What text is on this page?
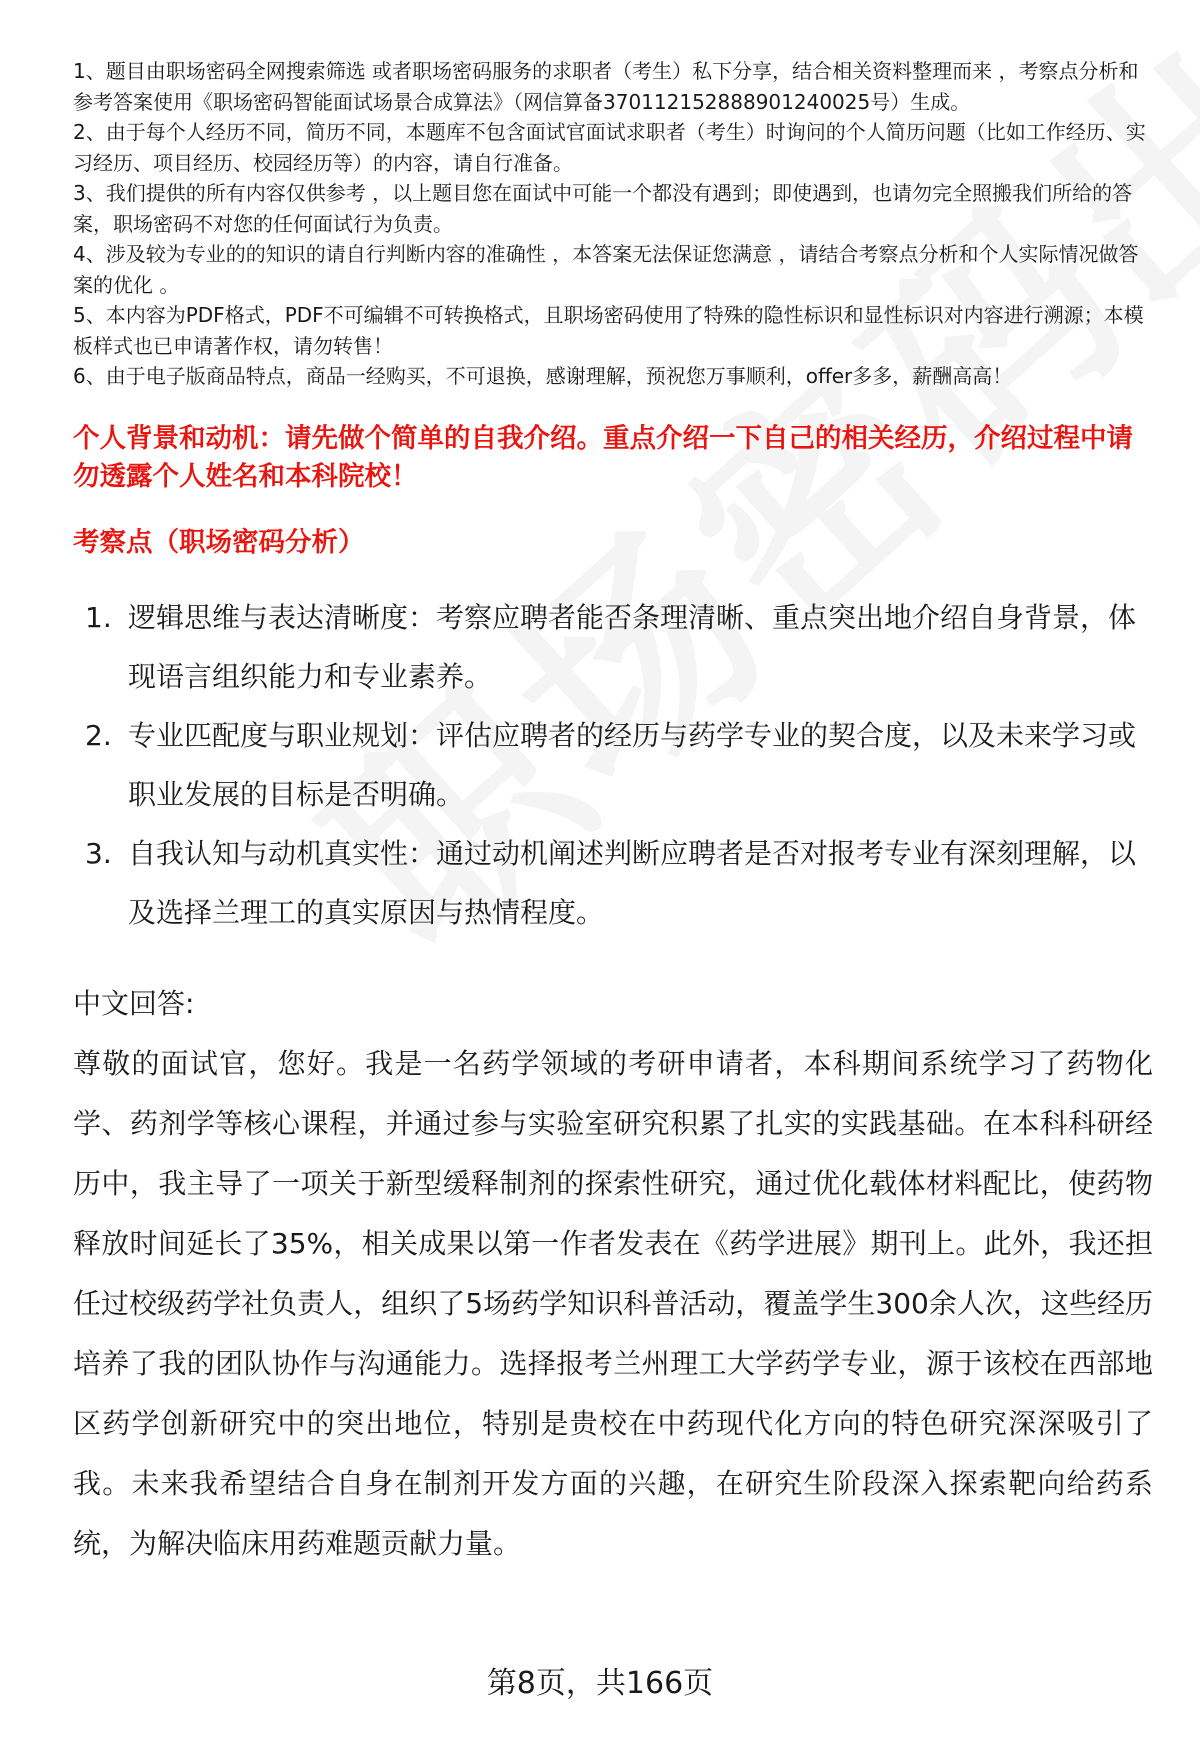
1、题目由职场密码全网搜索筛选 或者职场密码服务的求职者（考生）私下分享，结合相关资料整理而来 ，考察点分析和参考答案使用《职场密码智能面试场景合成算法》（网信算备370112152888901240025号）生成。

2、由于每个人经历不同，简历不同，本题库不包含面试官面试求职者（考生）时询问的个人简历问题（比如工作经历、实习经历、项目经历、校园经历等）的内容，请自行准备。

3、我们提供的所有内容仅供参考 ，以上题目您在面试中可能一个都没有遇到；即使遇到，也请勿完全照搬我们所给的答案，职场密码不对您的任何面试行为负责。

4、涉及较为专业的的知识的请自行判断内容的准确性 ，本答案无法保证您满意 ，请结合考察点分析和个人实际情况做答案的优化 。

5、本内容为PDF格式，PDF不可编辑不可转换格式，且职场密码使用了特殊的隐性标识和显性标识对内容进行溯源；本模板样式也已申请著作权，请勿转售！

6、由于电子版商品特点，商品一经购买，不可退换，感谢理解，预祝您万事顺利，offer多多，薪酬高高！

个人背景和动机：请先做个简单的自我介绍。重点介绍一下自己的相关经历，介绍过程中请勿透露个人姓名和本科院校！
考察点（职场密码分析）
1. 逻辑思维与表达清晰度：考察应聘者能否条理清晰、重点突出地介绍自身背景，体现语言组织能力和专业素养。
2. 专业匹配度与职业规划：评估应聘者的经历与药学专业的契合度，以及未来学习或职业发展的目标是否明确。
3. 自我认知与动机真实性：通过动机阐述判断应聘者是否对报考专业有深刻理解，以及选择兰理工的真实原因与热情程度。
中文回答:

尊敬的面试官，您好。我是一名药学领域的考研申请者，本科期间系统学习了药物化学、药剂学等核心课程，并通过参与实验室研究积累了扎实的实践基础。在本科科研经历中，我主导了一项关于新型缓释制剂的探索性研究，通过优化载体材料配比，使药物释放时间延长了35%，相关成果以第一作者发表在《药学进展》期刊上。此外，我还担任过校级药学社负责人，组织了5场药学知识科普活动，覆盖学生300余人次，这些经历培养了我的团队协作与沟通能力。选择报考兰州理工大学药学专业，源于该校在西部地区药学创新研究中的突出地位，特别是贵校在中药现代化方向的特色研究深深吸引了我。未来我希望结合自身在制剂开发方面的兴趣，在研究生阶段深入探索靶向给药系统，为解决临床用药难题贡献力量。

第8页，共166页
